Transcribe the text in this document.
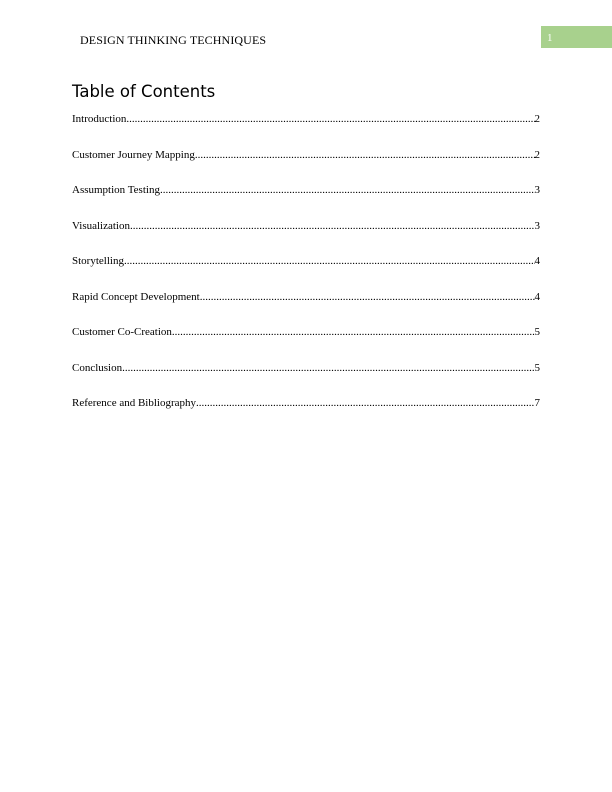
DESIGN THINKING TECHNIQUES	1
Table of Contents
Introduction .....	2
Customer Journey Mapping .....	2
Assumption Testing .....	3
Visualization .....	3
Storytelling .....	4
Rapid Concept Development .....	4
Customer Co-Creation .....	5
Conclusion .....	5
Reference and Bibliography .....	7
